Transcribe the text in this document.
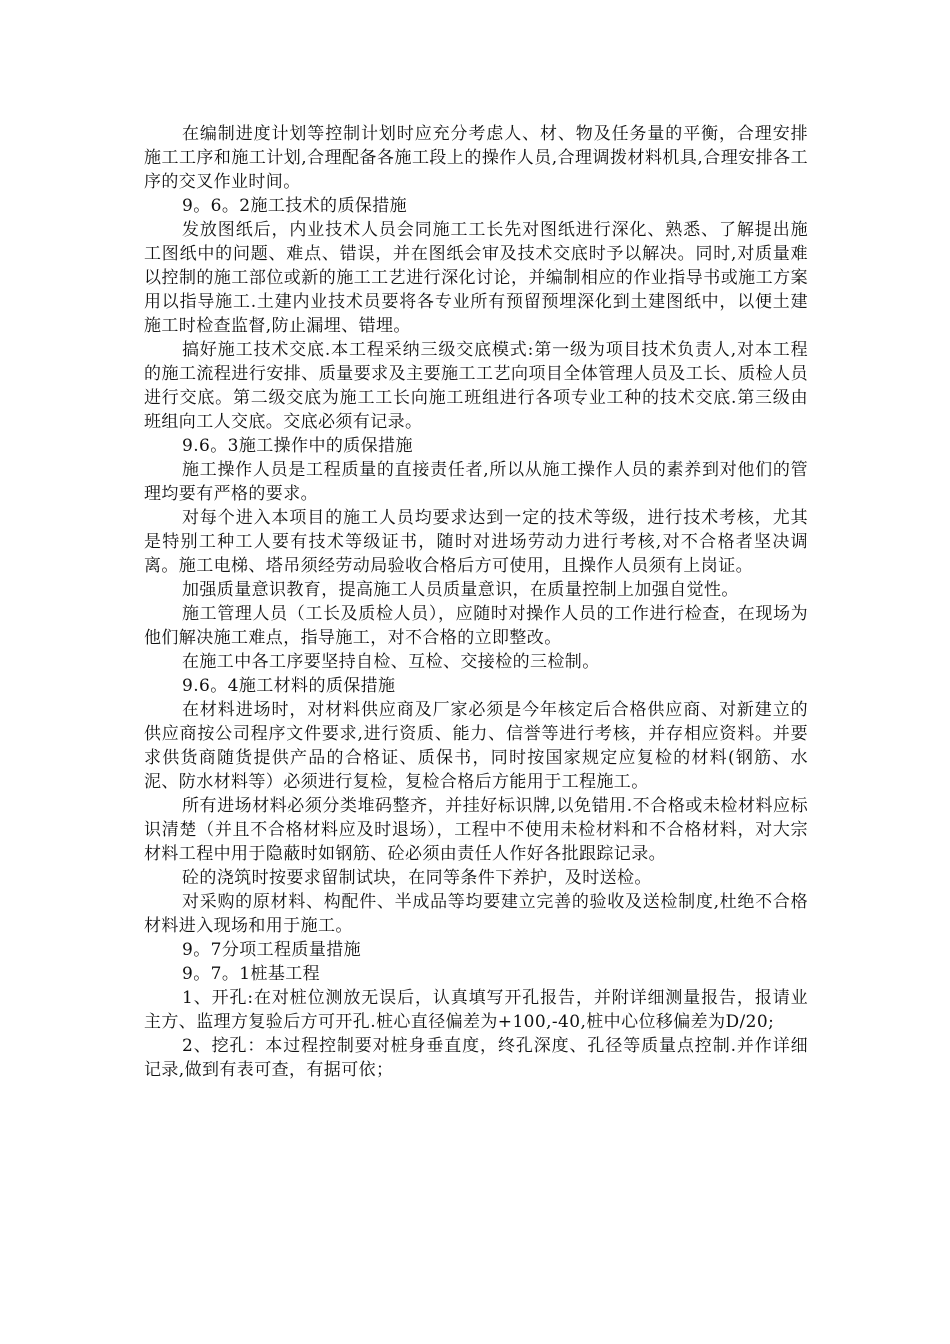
在编制进度计划等控制计划时应充分考虑人、材、物及任务量的平衡，合理安排施工工序和施工计划,合理配备各施工段上的操作人员,合理调拨材料机具,合理安排各工序的交叉作业时间。

9。6。2施工技术的质保措施

发放图纸后，内业技术人员会同施工工长先对图纸进行深化、熟悉、了解提出施工图纸中的问题、难点、错误，并在图纸会审及技术交底时予以解决。同时,对质量难以控制的施工部位或新的施工工艺进行深化讨论，并编制相应的作业指导书或施工方案用以指导施工.土建内业技术员要将各专业所有预留预埋深化到土建图纸中，以便土建施工时检查监督,防止漏埋、错埋。

搞好施工技术交底.本工程采纳三级交底模式:第一级为项目技术负责人,对本工程的施工流程进行安排、质量要求及主要施工工艺向项目全体管理人员及工长、质检人员进行交底。第二级交底为施工工长向施工班组进行各项专业工种的技术交底.第三级由班组向工人交底。交底必须有记录。

9.6。3施工操作中的质保措施

施工操作人员是工程质量的直接责任者,所以从施工操作人员的素养到对他们的管理均要有严格的要求。

对每个进入本项目的施工人员均要求达到一定的技术等级，进行技术考核，尤其是特别工种工人要有技术等级证书，随时对进场劳动力进行考核,对不合格者坚决调离。施工电梯、塔吊须经劳动局验收合格后方可使用，且操作人员须有上岗证。

加强质量意识教育，提高施工人员质量意识，在质量控制上加强自觉性。

施工管理人员（工长及质检人员），应随时对操作人员的工作进行检查，在现场为他们解决施工难点，指导施工，对不合格的立即整改。

在施工中各工序要坚持自检、互检、交接检的三检制。

9.6。4施工材料的质保措施

在材料进场时，对材料供应商及厂家必须是今年核定后合格供应商、对新建立的供应商按公司程序文件要求,进行资质、能力、信誉等进行考核，并存相应资料。并要求供货商随货提供产品的合格证、质保书，同时按国家规定应复检的材料(钢筋、水泥、防水材料等）必须进行复检，复检合格后方能用于工程施工。

所有进场材料必须分类堆码整齐，并挂好标识牌,以免错用.不合格或未检材料应标识清楚（并且不合格材料应及时退场），工程中不使用未检材料和不合格材料，对大宗材料工程中用于隐蔽时如钢筋、砼必须由责任人作好各批跟踪记录。

砼的浇筑时按要求留制试块，在同等条件下养护，及时送检。

对采购的原材料、构配件、半成品等均要建立完善的验收及送检制度,杜绝不合格材料进入现场和用于施工。

9。7分项工程质量措施

9。7。1桩基工程

1、开孔:在对桩位测放无误后，认真填写开孔报告，并附详细测量报告，报请业主方、监理方复验后方可开孔.桩心直径偏差为+100,-40,桩中心位移偏差为D/20;

2、挖孔：本过程控制要对桩身垂直度，终孔深度、孔径等质量点控制.并作详细记录,做到有表可查，有据可依；
